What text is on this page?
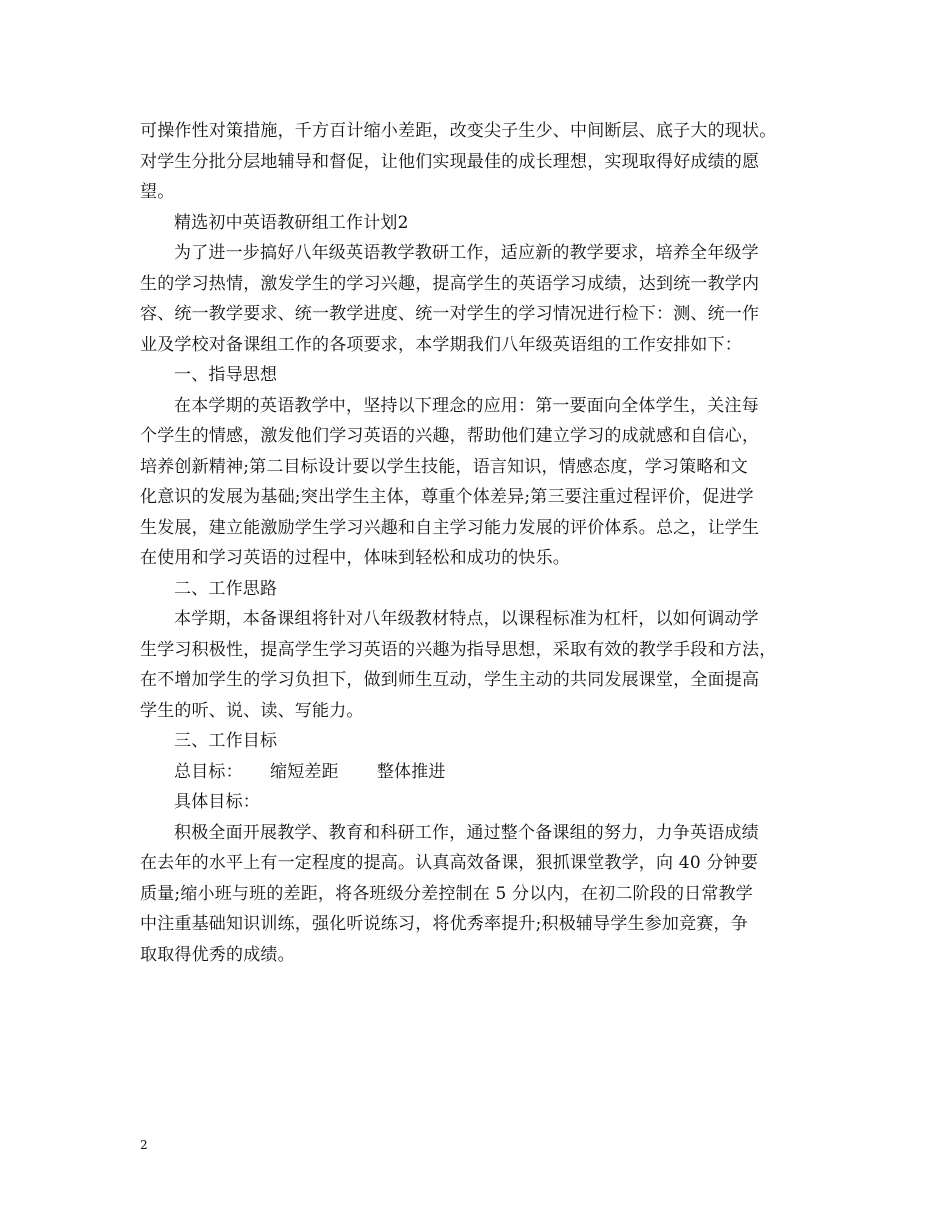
可操作性对策措施，千方百计缩小差距，改变尖子生少、中间断层、底子大的现状。
对学生分批分层地辅导和督促，让他们实现最佳的成长理想，实现取得好成绩的愿
望。
精选初中英语教研组工作计划2
为了进一步搞好八年级英语教学教研工作，适应新的教学要求，培养全年级学
生的学习热情，激发学生的学习兴趣，提高学生的英语学习成绩，达到统一教学内
容、统一教学要求、统一教学进度、统一对学生的学习情况进行检下：测、统一作
业及学校对备课组工作的各项要求，本学期我们八年级英语组的工作安排如下：
一、指导思想
在本学期的英语教学中，坚持以下理念的应用：第一要面向全体学生，关注每
个学生的情感，激发他们学习英语的兴趣，帮助他们建立学习的成就感和自信心，
培养创新精神;第二目标设计要以学生技能，语言知识，情感态度，学习策略和文
化意识的发展为基础;突出学生主体，尊重个体差异;第三要注重过程评价，促进学
生发展，建立能激励学生学习兴趣和自主学习能力发展的评价体系。总之，让学生
在使用和学习英语的过程中，体味到轻松和成功的快乐。
二、工作思路
本学期，本备课组将针对八年级教材特点，以课程标准为杠杆，以如何调动学
生学习积极性，提高学生学习英语的兴趣为指导思想，采取有效的教学手段和方法，
在不增加学生的学习负担下，做到师生互动，学生主动的共同发展课堂，全面提高
学生的听、说、读、写能力。
三、工作目标
总目标： 缩短差距 整体推进
具体目标：
积极全面开展教学、教育和科研工作，通过整个备课组的努力，力争英语成绩
在去年的水平上有一定程度的提高。认真高效备课，狠抓课堂教学，向 40 分钟要
质量;缩小班与班的差距，将各班级分差控制在 5 分以内，在初二阶段的日常教学
中注重基础知识训练，强化听说练习，将优秀率提升;积极辅导学生参加竞赛，争
取取得优秀的成绩。
2
